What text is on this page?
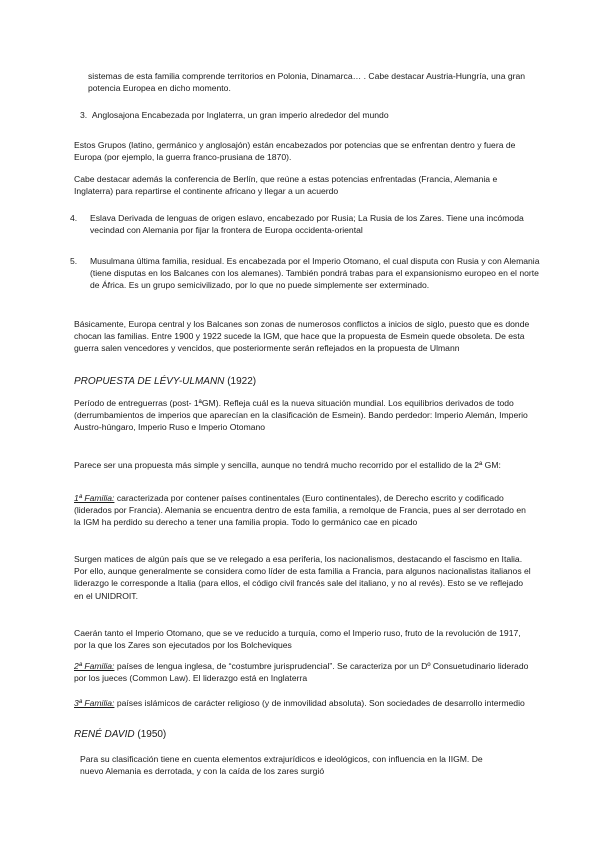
sistemas de esta familia comprende territorios en Polonia, Dinamarca… . Cabe destacar Austria-Hungría, una gran potencia Europea en dicho momento.

3. Anglosajona Encabezada por Inglaterra, un gran imperio alrededor del mundo

Estos Grupos (latino, germánico y anglosajón) están encabezados por potencias que se enfrentan dentro y fuera de Europa (por ejemplo, la guerra franco-prusiana de 1870).

Cabe destacar además la conferencia de Berlín, que reúne a estas potencias enfrentadas (Francia, Alemania e Inglaterra) para repartirse el continente africano y llegar a un acuerdo

4. Eslava Derivada de lenguas de origen eslavo, encabezado por Rusia; La Rusia de los Zares. Tiene una incómoda vecindad con Alemania por fijar la frontera de Europa occidenta-oriental

5. Musulmana última familia, residual. Es encabezada por el Imperio Otomano, el cual disputa con Rusia y con Alemania (tiene disputas en los Balcanes con los alemanes). También pondrá trabas para el expansionismo europeo en el norte de África. Es un grupo semicivilizado, por lo que no puede simplemente ser exterminado.

Básicamente, Europa central y los Balcanes son zonas de numerosos conflictos a inicios de siglo, puesto que es donde chocan las familias. Entre 1900 y 1922 sucede la IGM, que hace que la propuesta de Esmein quede obsoleta. De esta guerra salen vencedores y vencidos, que posteriormente serán reflejados en la propuesta de Ulmann

PROPUESTA DE LÉVY-ULMANN (1922)

Período de entreguerras (post- 1ªGM). Refleja cuál es la nueva situación mundial. Los equilibrios derivados de todo (derrumbamientos de imperios que aparecían en la clasificación de Esmein). Bando perdedor: Imperio Alemán, Imperio Austro-húngaro, Imperio Ruso e Imperio Otomano

Parece ser una propuesta más simple y sencilla, aunque no tendrá mucho recorrido por el estallido de la 2ª GM:

1ª Familia: caracterizada por contener países continentales (Euro continentales), de Derecho escrito y codificado (liderados por Francia). Alemania se encuentra dentro de esta familia, a remolque de Francia, pues al ser derrotado en la IGM ha perdido su derecho a tener una familia propia. Todo lo germánico cae en picado

Surgen matices de algún país que se ve relegado a esa periferia, los nacionalismos, destacando el fascismo en Italia. Por ello, aunque generalmente se considera como líder de esta familia a Francia, para algunos nacionalistas italianos el liderazgo le corresponde a Italia (para ellos, el código civil francés sale del italiano, y no al revés). Esto se ve reflejado en el UNIDROIT.

Caerán tanto el Imperio Otomano, que se ve reducido a turquía, como el Imperio ruso, fruto de la revolución de 1917, por la que los Zares son ejecutados por los Bolcheviques

2ª Familia: países de lengua inglesa, de “costumbre jurisprudencial”. Se caracteriza por un Dº Consuetudinario liderado por los jueces (Common Law). El liderazgo está en Inglaterra

3ª Familia: países islámicos de carácter religioso (y de inmovilidad absoluta). Son sociedades de desarrollo intermedio

RENÉ DAVID (1950)

Para su clasificación tiene en cuenta elementos extrajurídicos e ideológicos, con influencia en la IIGM. De nuevo Alemania es derrotada, y con la caída de los zares surgió
